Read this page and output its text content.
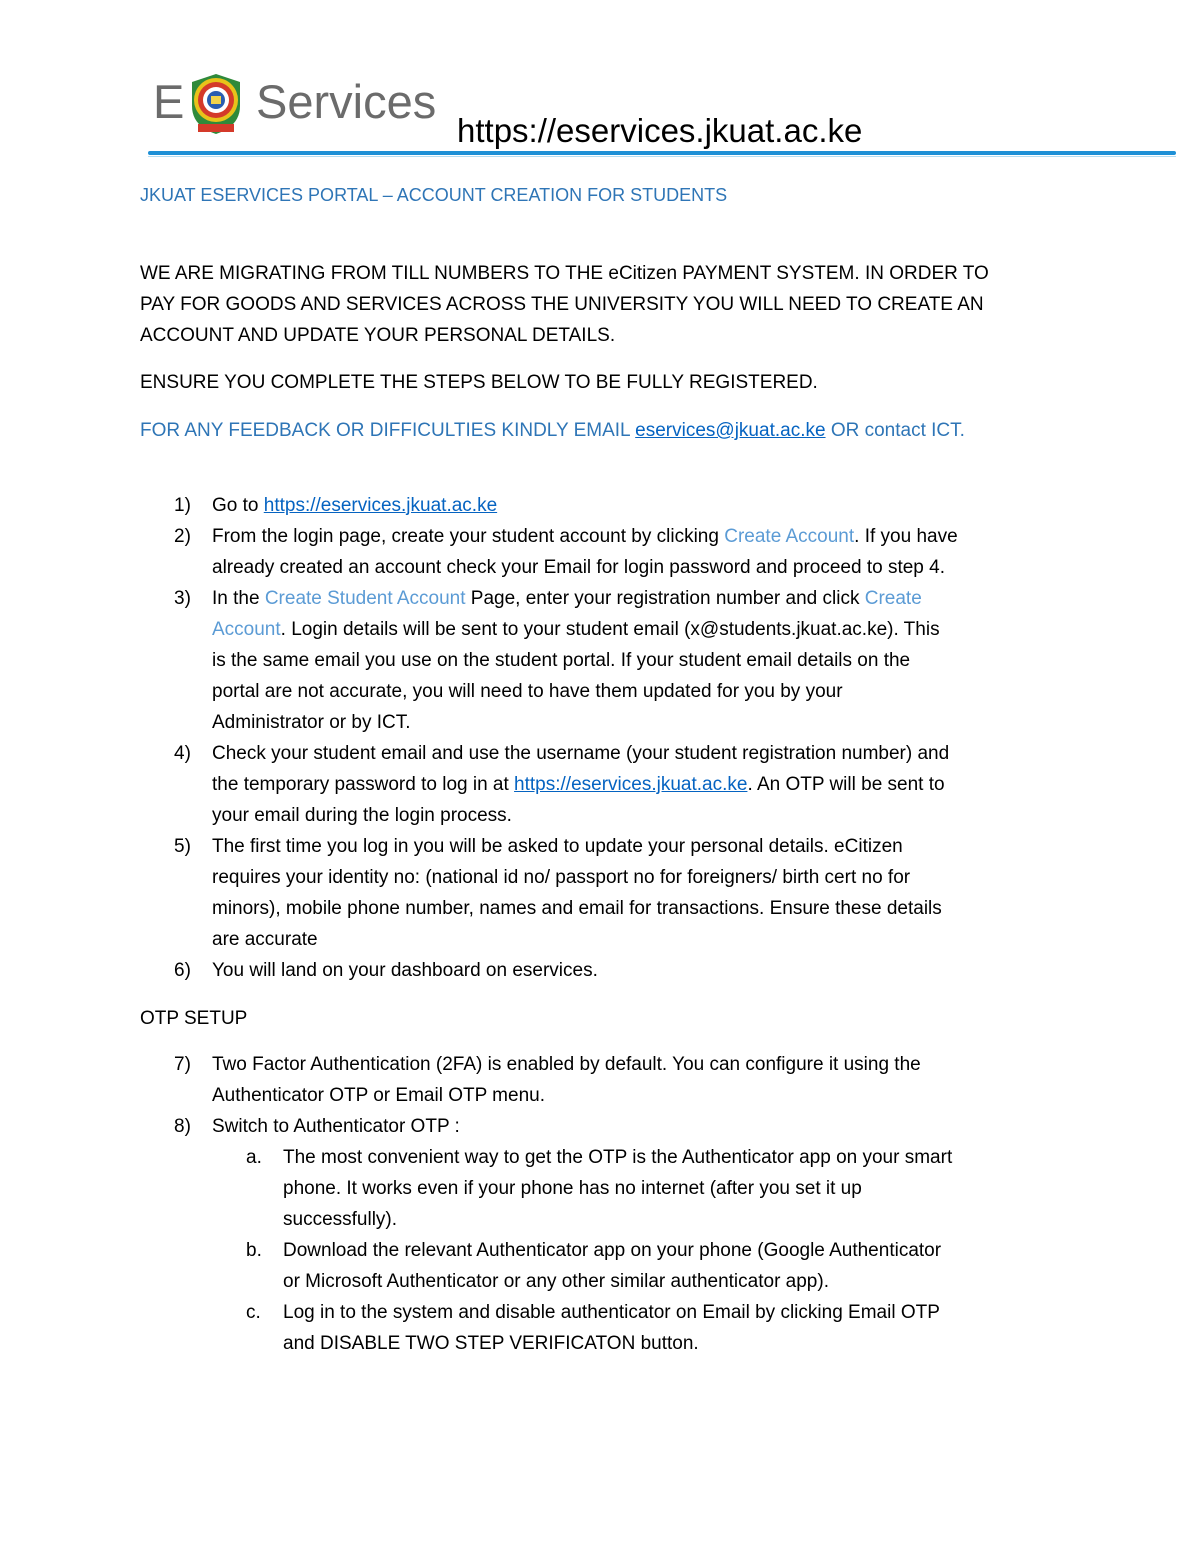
E Services
https://eservices.jkuat.ac.ke
JKUAT ESERVICES PORTAL – ACCOUNT CREATION FOR STUDENTS
WE ARE MIGRATING FROM TILL NUMBERS TO THE eCitizen PAYMENT SYSTEM. IN ORDER TO
PAY FOR GOODS AND SERVICES ACROSS THE UNIVERSITY YOU WILL NEED TO CREATE AN
ACCOUNT AND UPDATE YOUR PERSONAL DETAILS.
ENSURE YOU COMPLETE THE STEPS BELOW TO BE FULLY REGISTERED.
FOR ANY FEEDBACK OR DIFFICULTIES KINDLY EMAIL eservices@jkuat.ac.ke OR contact ICT.
1) Go to https://eservices.jkuat.ac.ke
2) From the login page, create your student account by clicking Create Account. If you have
already created an account check your Email for login password and proceed to step 4.
3) In the Create Student Account Page, enter your registration number and click Create
Account. Login details will be sent to your student email (x@students.jkuat.ac.ke). This
is the same email you use on the student portal. If your student email details on the
portal are not accurate, you will need to have them updated for you by your
Administrator or by ICT.
4) Check your student email and use the username (your student registration number) and
the temporary password to log in at https://eservices.jkuat.ac.ke. An OTP will be sent to
your email during the login process.
5) The first time you log in you will be asked to update your personal details. eCitizen
requires your identity no: (national id no/ passport no for foreigners/ birth cert no for
minors), mobile phone number, names and email for transactions. Ensure these details
are accurate
6) You will land on your dashboard on eservices.
OTP SETUP
7) Two Factor Authentication (2FA) is enabled by default. You can configure it using the
Authenticator OTP or Email OTP menu.
8) Switch to Authenticator OTP :
a. The most convenient way to get the OTP is the Authenticator app on your smart
phone. It works even if your phone has no internet (after you set it up
successfully).
b. Download the relevant Authenticator app on your phone (Google Authenticator
or Microsoft Authenticator or any other similar authenticator app).
c. Log in to the system and disable authenticator on Email by clicking Email OTP
and DISABLE TWO STEP VERIFICATON button.
